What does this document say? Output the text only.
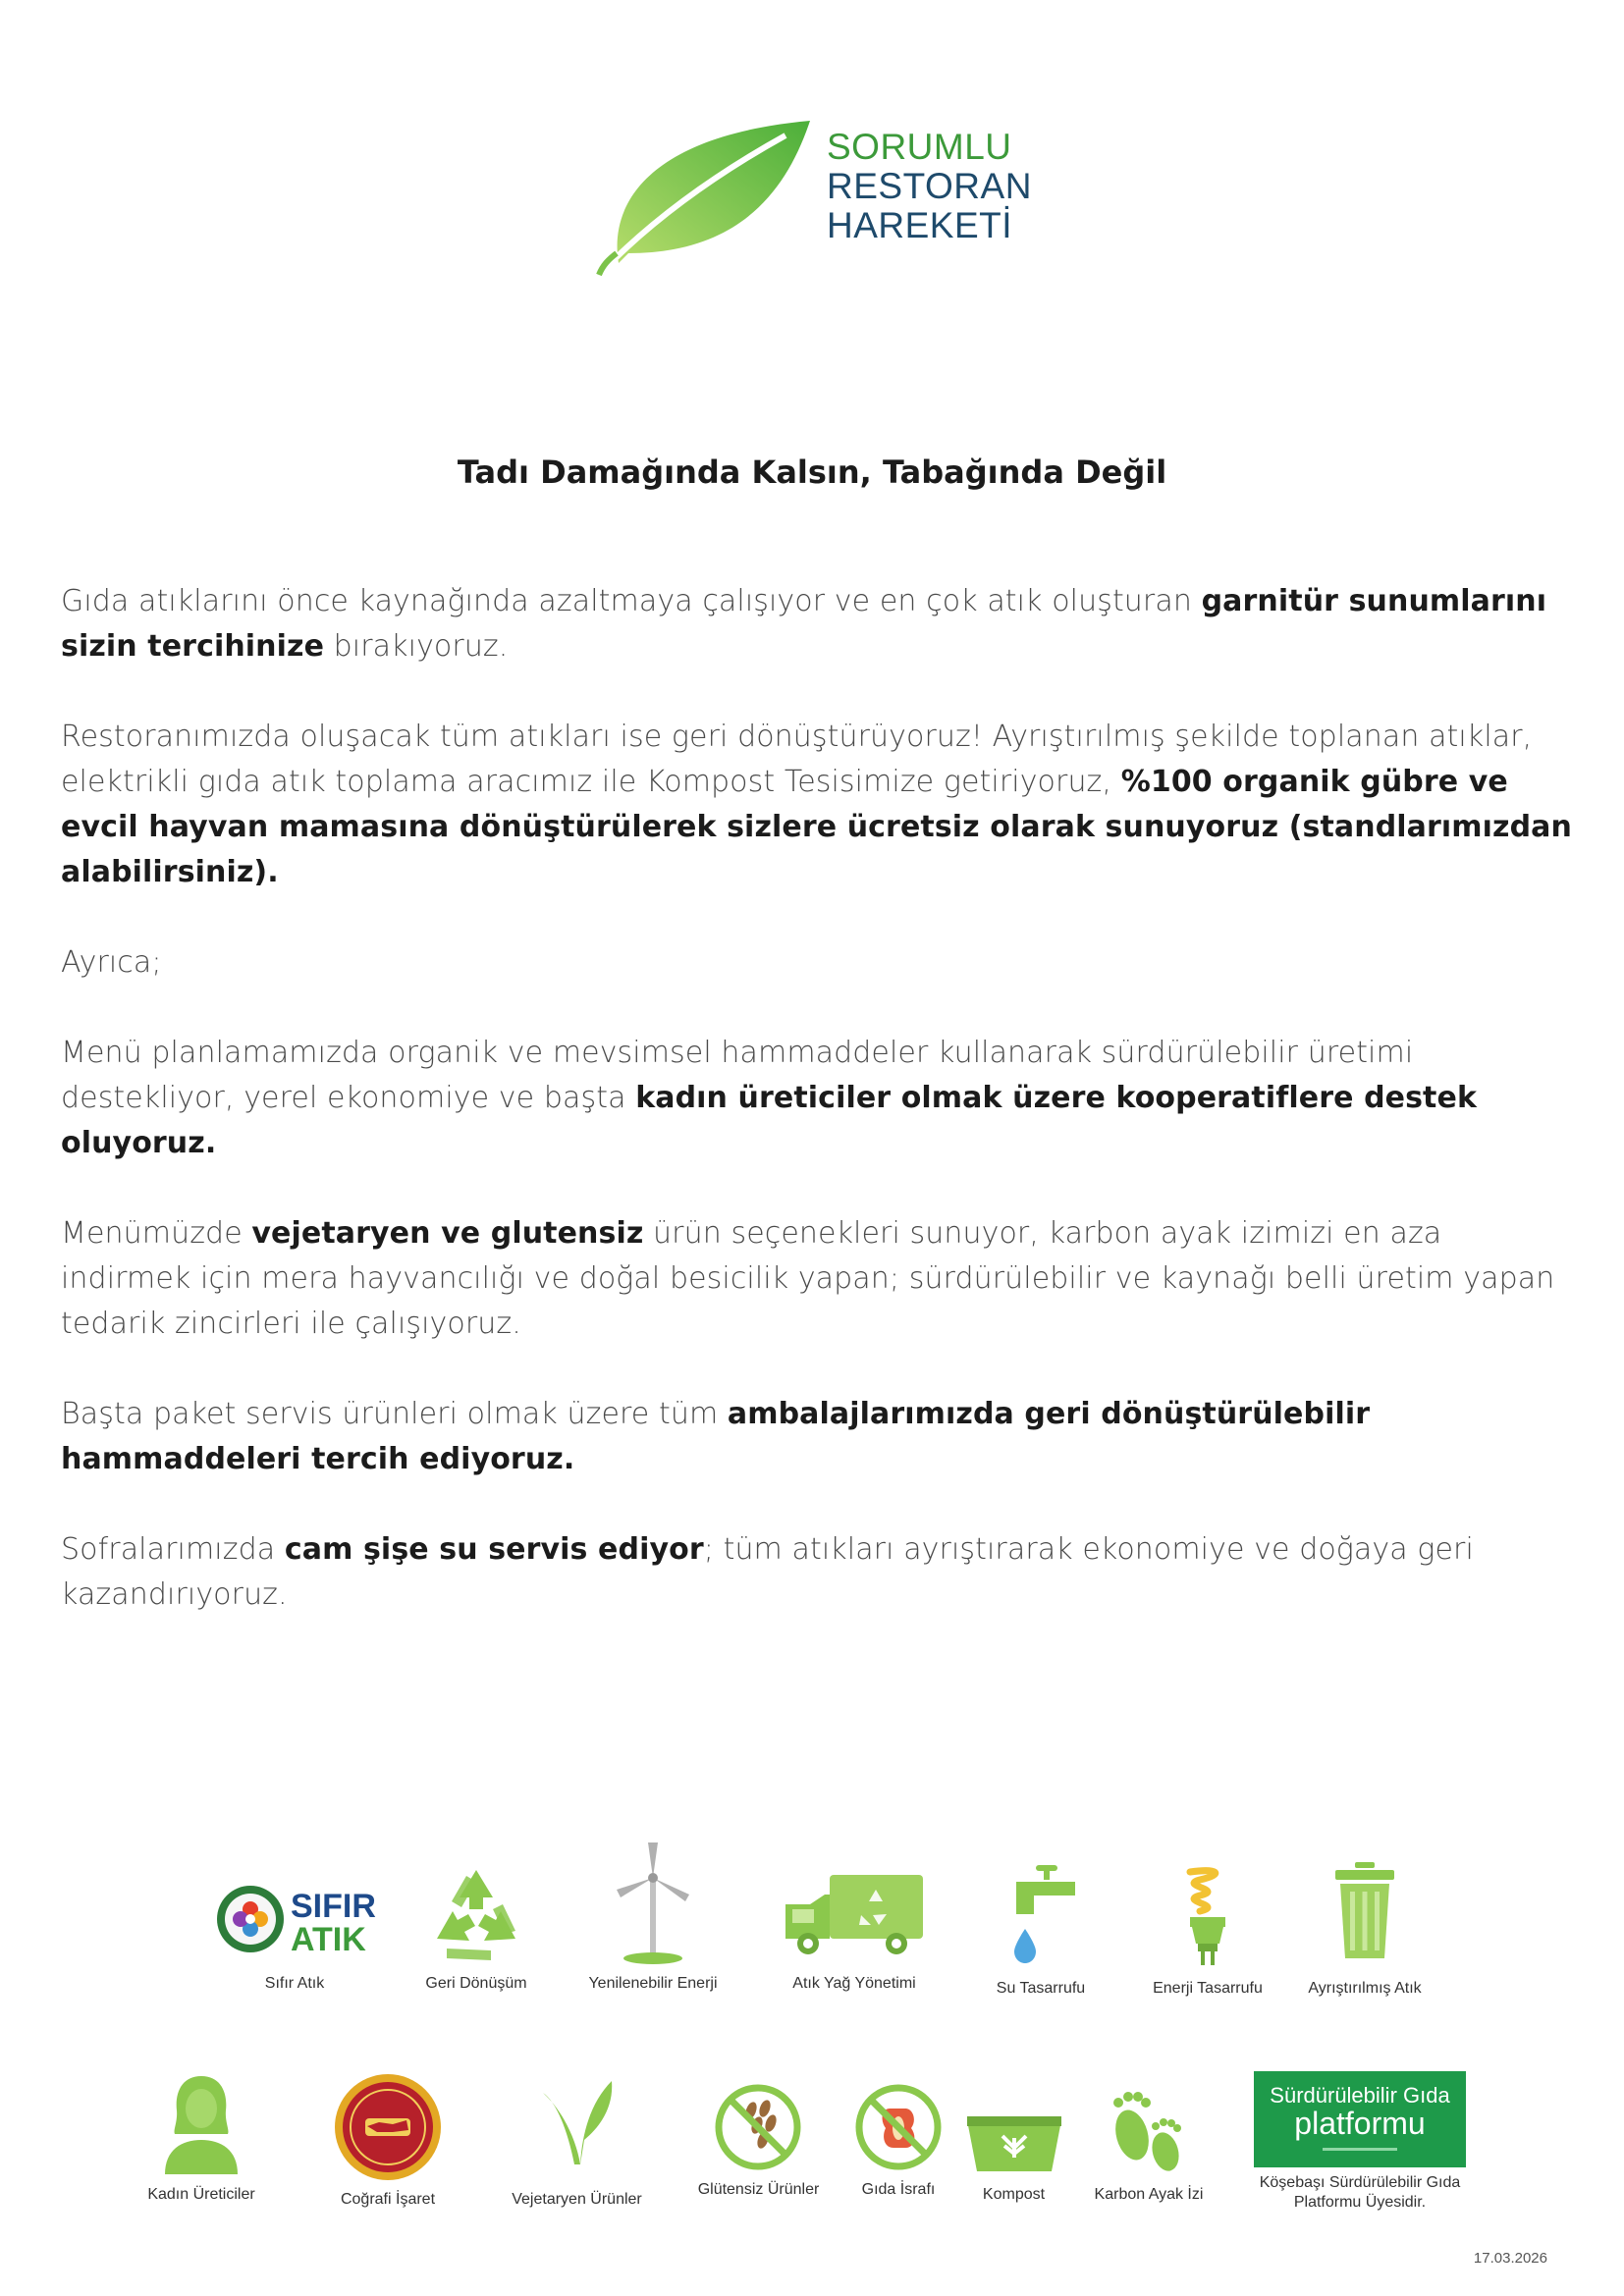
SORUMLU
RESTORAN
HAREKETİ
Tadı Damağında Kalsın, Tabağında Değil

Gıda atıklarını önce kaynağında azaltmaya çalışıyor ve en çok atık oluşturan garnitür sunumlarını sizin tercihinize bırakıyoruz.

Restoranımızda oluşacak tüm atıkları ise geri dönüştürüyoruz! Ayrıştırılmış şekilde toplanan atıklar, elektrikli gıda atık toplama aracımız ile Kompost Tesisimize getiriyoruz, %100 organik gübre ve evcil hayvan mamasına dönüştürülerek sizlere ücretsiz olarak sunuyoruz (standlarımızdan alabilirsiniz).

Ayrıca;

Menü planlamamızda organik ve mevsimsel hammaddeler kullanarak sürdürülebilir üretimi destekliyor, yerel ekonomiye ve başta kadın üreticiler olmak üzere kooperatiflere destek oluyoruz.

Menümüzde vejetaryen ve glutensiz ürün seçenekleri sunuyor, karbon ayak izimizi en aza indirmek için mera hayvancılığı ve doğal besicilik yapan; sürdürülebilir ve kaynağı belli üretim yapan tedarik zincirleri ile çalışıyoruz.

Başta paket servis ürünleri olmak üzere tüm ambalajlarımızda geri dönüştürülebilir hammaddeleri tercih ediyoruz.

Sofralarımızda cam şişe su servis ediyor; tüm atıkları ayrıştırarak ekonomiye ve doğaya geri kazandırıyoruz.

SIFIR
ATIK
Sıfır Atık	Geri Dönüşüm	Yenilenebilir Enerji	Atık Yağ Yönetimi	Su Tasarrufu	Enerji Tasarrufu	Ayrıştırılmış Atık
Kadın Üreticiler	Coğrafi İşaret	Vejetaryen Ürünler
Glütensiz Ürünler	Gıda İsrafı	Kompost	Karbon Ayak İzi
Sürdürülebilir Gıda
platformu
Köşebaşı Sürdürülebilir Gıda Platformu Üyesidir.
17.03.2026
